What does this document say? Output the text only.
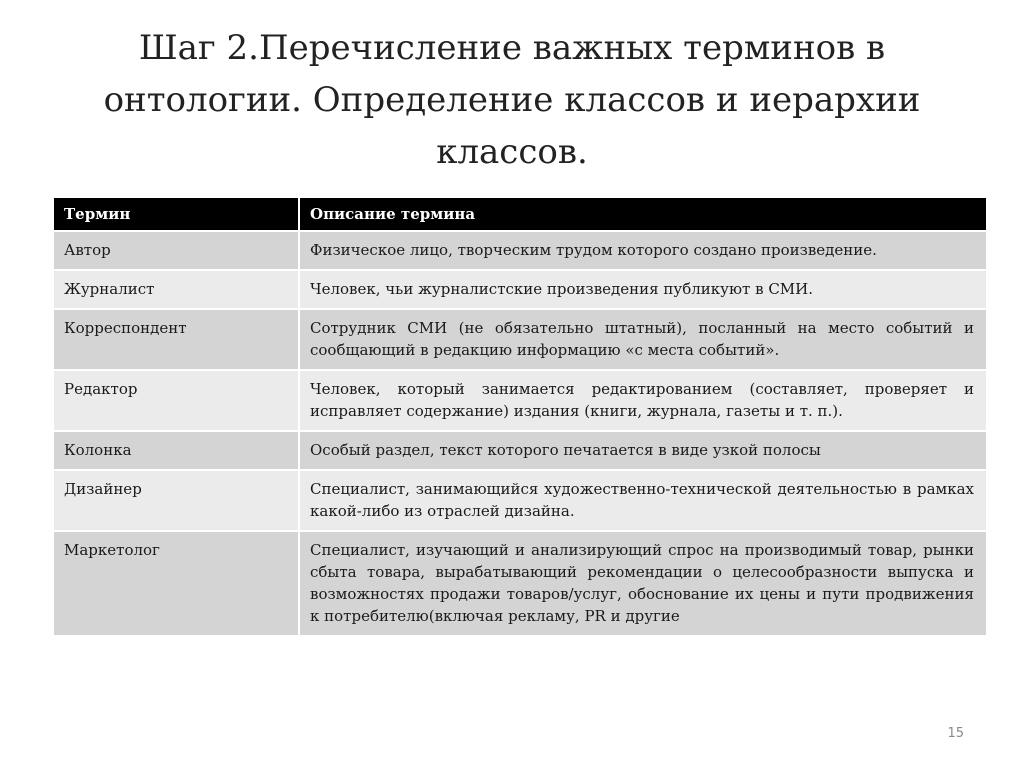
Шаг 2.Перечисление важных терминов в
онтологии. Определение классов и иерархии
классов.
Термин	Описание термина
Автор	Физическое лицо, творческим трудом которого создано произведение.
Журналист	Человек, чьи журналистские произведения публикуют в СМИ.
Корреспондент	Сотрудник СМИ (не обязательно штатный), посланный на место событий и сообщающий в редакцию информацию «с места событий».
Редактор	Человек, который занимается редактированием (составляет, проверяет и исправляет содержание) издания (книги, журнала, газеты и т. п.).
Колонка	Особый раздел, текст которого печатается в виде узкой полосы
Дизайнер	Специалист, занимающийся художественно-технической деятельностью в рамках какой-либо из отраслей дизайна.
Маркетолог	Специалист, изучающий и анализирующий спрос на производимый товар, рынки сбыта товара, вырабатывающий рекомендации о целесообразности выпуска и возможностях продажи товаров/услуг, обоснование их цены и пути продвижения к потребителю(включая рекламу, PR и другие
15
